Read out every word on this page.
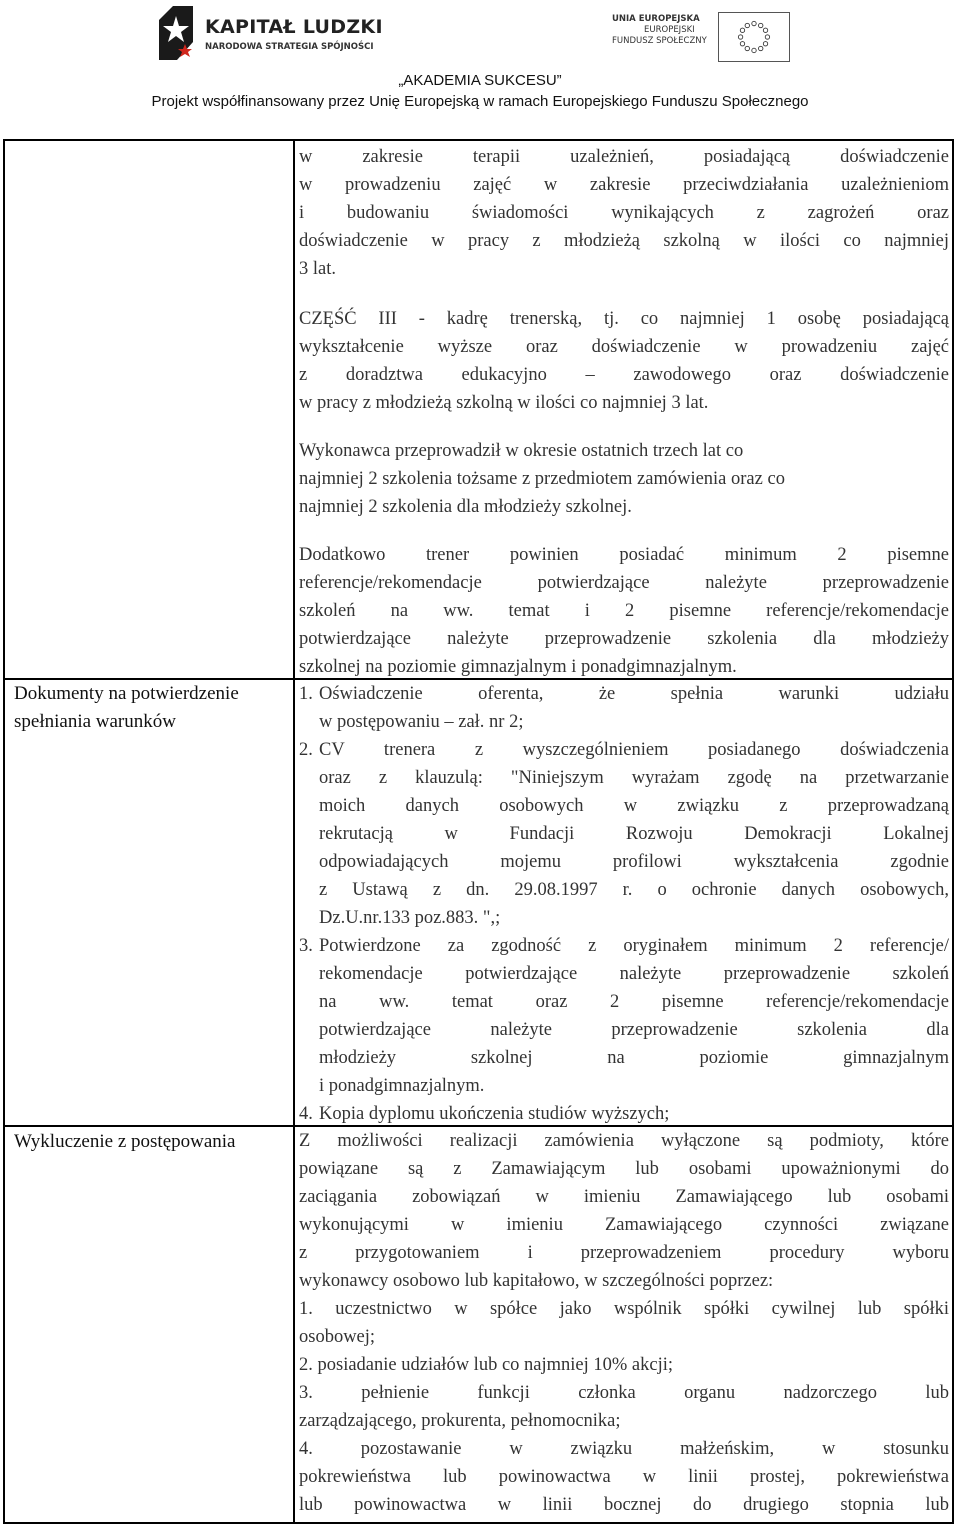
KAPITAŁ LUDZKI
NARODOWA STRATEGIA SPÓJNOŚCI
UNIA EUROPEJSKA
EUROPEJSKI
FUNDUSZ SPOŁECZNY
„AKADEMIA SUKCESU”
Projekt współfinansowany przez Unię Europejską w ramach Europejskiego Funduszu Społecznego
Dokumenty na potwierdzenie spełniania warunków
Wykluczenie z postępowania
w zakresie terapii uzależnień, posiadającą doświadczenie
w prowadzeniu zajęć w zakresie przeciwdziałania uzależnieniom
i budowaniu świadomości wynikających z zagrożeń oraz
doświadczenie w pracy z młodzieżą szkolną w ilości co najmniej
3 lat.
CZĘŚĆ III - kadrę trenerską, tj. co najmniej 1 osobę posiadającą
wykształcenie wyższe oraz doświadczenie w prowadzeniu zajęć
z doradztwa edukacyjno – zawodowego oraz doświadczenie
w pracy z młodzieżą szkolną w ilości co najmniej 3 lat.
Wykonawca przeprowadził w okresie ostatnich trzech lat co
najmniej 2 szkolenia tożsame z przedmiotem zamówienia oraz co
najmniej 2 szkolenia dla młodzieży szkolnej.
Dodatkowo trener powinien posiadać minimum 2 pisemne
referencje/rekomendacje potwierdzające należyte przeprowadzenie
szkoleń na ww. temat i 2 pisemne referencje/rekomendacje
potwierdzające należyte przeprowadzenie szkolenia dla młodzieży
szkolnej na poziomie gimnazjalnym i ponadgimnazjalnym.
1. Oświadczenie oferenta, że spełnia warunki udziału
w postępowaniu – zał. nr 2;
2. CV trenera z wyszczególnieniem posiadanego doświadczenia
oraz z klauzulą: "Niniejszym wyrażam zgodę na przetwarzanie
moich danych osobowych w związku z przeprowadzaną
rekrutacją w Fundacji Rozwoju Demokracji Lokalnej
odpowiadających mojemu profilowi wykształcenia zgodnie
z Ustawą z dn. 29.08.1997 r. o ochronie danych osobowych,
Dz.U.nr.133 poz.883. ",;
3. Potwierdzone za zgodność z oryginałem minimum 2 referencje/
rekomendacje potwierdzające należyte przeprowadzenie szkoleń
na ww. temat oraz 2 pisemne referencje/rekomendacje
potwierdzające należyte przeprowadzenie szkolenia dla
młodzieży szkolnej na poziomie gimnazjalnym
i ponadgimnazjalnym.
4. Kopia dyplomu ukończenia studiów wyższych;
Z możliwości realizacji zamówienia wyłączone są podmioty, które
powiązane są z Zamawiającym lub osobami upoważnionymi do
zaciągania zobowiązań w imieniu Zamawiającego lub osobami
wykonującymi w imieniu Zamawiającego czynności związane
z przygotowaniem i przeprowadzeniem procedury wyboru
wykonawcy osobowo lub kapitałowo, w szczególności poprzez:
1. uczestnictwo w spółce jako wspólnik spółki cywilnej lub spółki
osobowej;
2. posiadanie udziałów lub co najmniej 10% akcji;
3. pełnienie funkcji członka organu nadzorczego lub
zarządzającego, prokurenta, pełnomocnika;
4. pozostawanie w związku małżeńskim, w stosunku
pokrewieństwa lub powinowactwa w linii prostej, pokrewieństwa
lub powinowactwa w linii bocznej do drugiego stopnia lub
